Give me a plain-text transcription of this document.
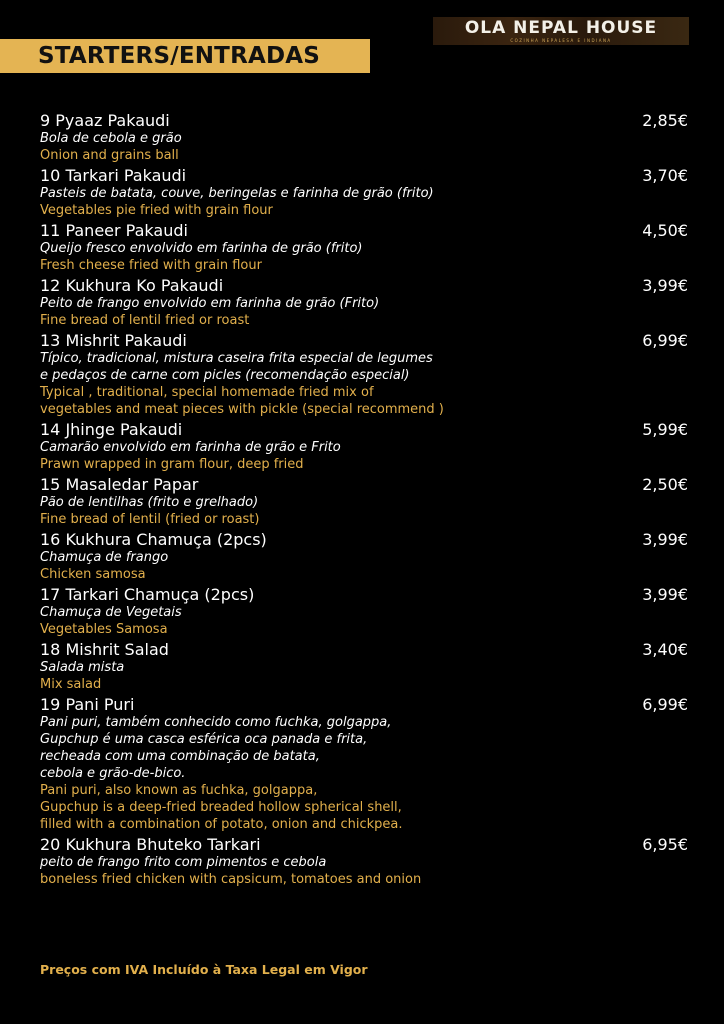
STARTERS/ENTRADAS
OLA NEPAL HOUSE
COZINHA NEPALESA E INDIANA
9 Pyaaz Pakaudi	2,85€
Bola de cebola e grão
Onion and grains ball
10 Tarkari Pakaudi	3,70€
Pasteis de batata, couve, beringelas e farinha de grão (frito)
Vegetables pie fried with grain flour
11 Paneer Pakaudi	4,50€
Queijo fresco envolvido em farinha de grão (frito)
Fresh cheese fried with grain flour
12 Kukhura Ko Pakaudi	3,99€
Peito de frango envolvido em farinha de grão (Frito)
Fine bread of lentil fried or roast
13 Mishrit Pakaudi	6,99€
Típico, tradicional, mistura caseira frita especial de legumes
e pedaços de carne com picles (recomendação especial)
Typical , traditional, special homemade fried mix of
vegetables and meat pieces with pickle (special recommend )
14 Jhinge Pakaudi	5,99€
Camarão envolvido em farinha de grão e Frito
Prawn wrapped in gram flour, deep fried
15 Masaledar Papar	2,50€
Pão de lentilhas (frito e grelhado)
Fine bread of lentil (fried or roast)
16 Kukhura Chamuça (2pcs)	3,99€
Chamuça de frango
Chicken samosa
17 Tarkari Chamuça (2pcs)	3,99€
Chamuça de Vegetais
Vegetables Samosa
18 Mishrit Salad	3,40€
Salada mista
Mix salad
19 Pani Puri	6,99€
Pani puri, também conhecido como fuchka, golgappa,
Gupchup é uma casca esférica oca panada e frita,
recheada com uma combinação de batata,
cebola e grão-de-bico.
Pani puri, also known as fuchka, golgappa,
Gupchup is a deep-fried breaded hollow spherical shell,
filled with a combination of potato, onion and chickpea.
20 Kukhura Bhuteko Tarkari	6,95€
peito de frango frito com pimentos e cebola
boneless fried chicken with capsicum, tomatoes and onion
Preços com IVA Incluído à Taxa Legal em Vigor
